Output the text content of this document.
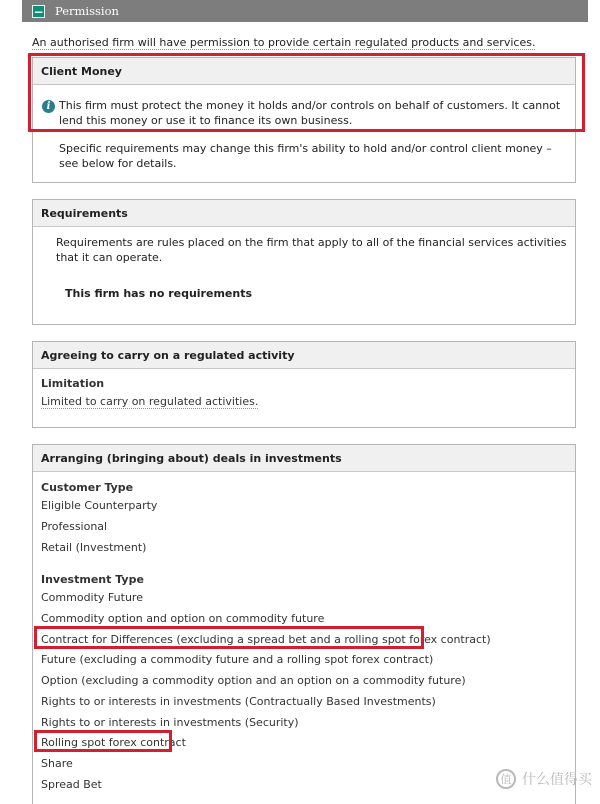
− Permission
An authorised firm will have permission to provide certain regulated products and services.
Client Money
i This firm must protect the money it holds and/or controls on behalf of customers. It cannot lend this money or use it to finance its own business.
Specific requirements may change this firm's ability to hold and/or control client money – see below for details.
Requirements
Requirements are rules placed on the firm that apply to all of the financial services activities that it can operate.
This firm has no requirements
Agreeing to carry on a regulated activity
Limitation
Limited to carry on regulated activities.
Arranging (bringing about) deals in investments
Customer Type
Eligible Counterparty
Professional
Retail (Investment)
Investment Type
Commodity Future
Commodity option and option on commodity future
Contract for Differences (excluding a spread bet and a rolling spot forex contract)
Future (excluding a commodity future and a rolling spot forex contract)
Option (excluding a commodity option and an option on a commodity future)
Rights to or interests in investments (Contractually Based Investments)
Rights to or interests in investments (Security)
Rolling spot forex contract
Share
Spread Bet	值 什么值得买
